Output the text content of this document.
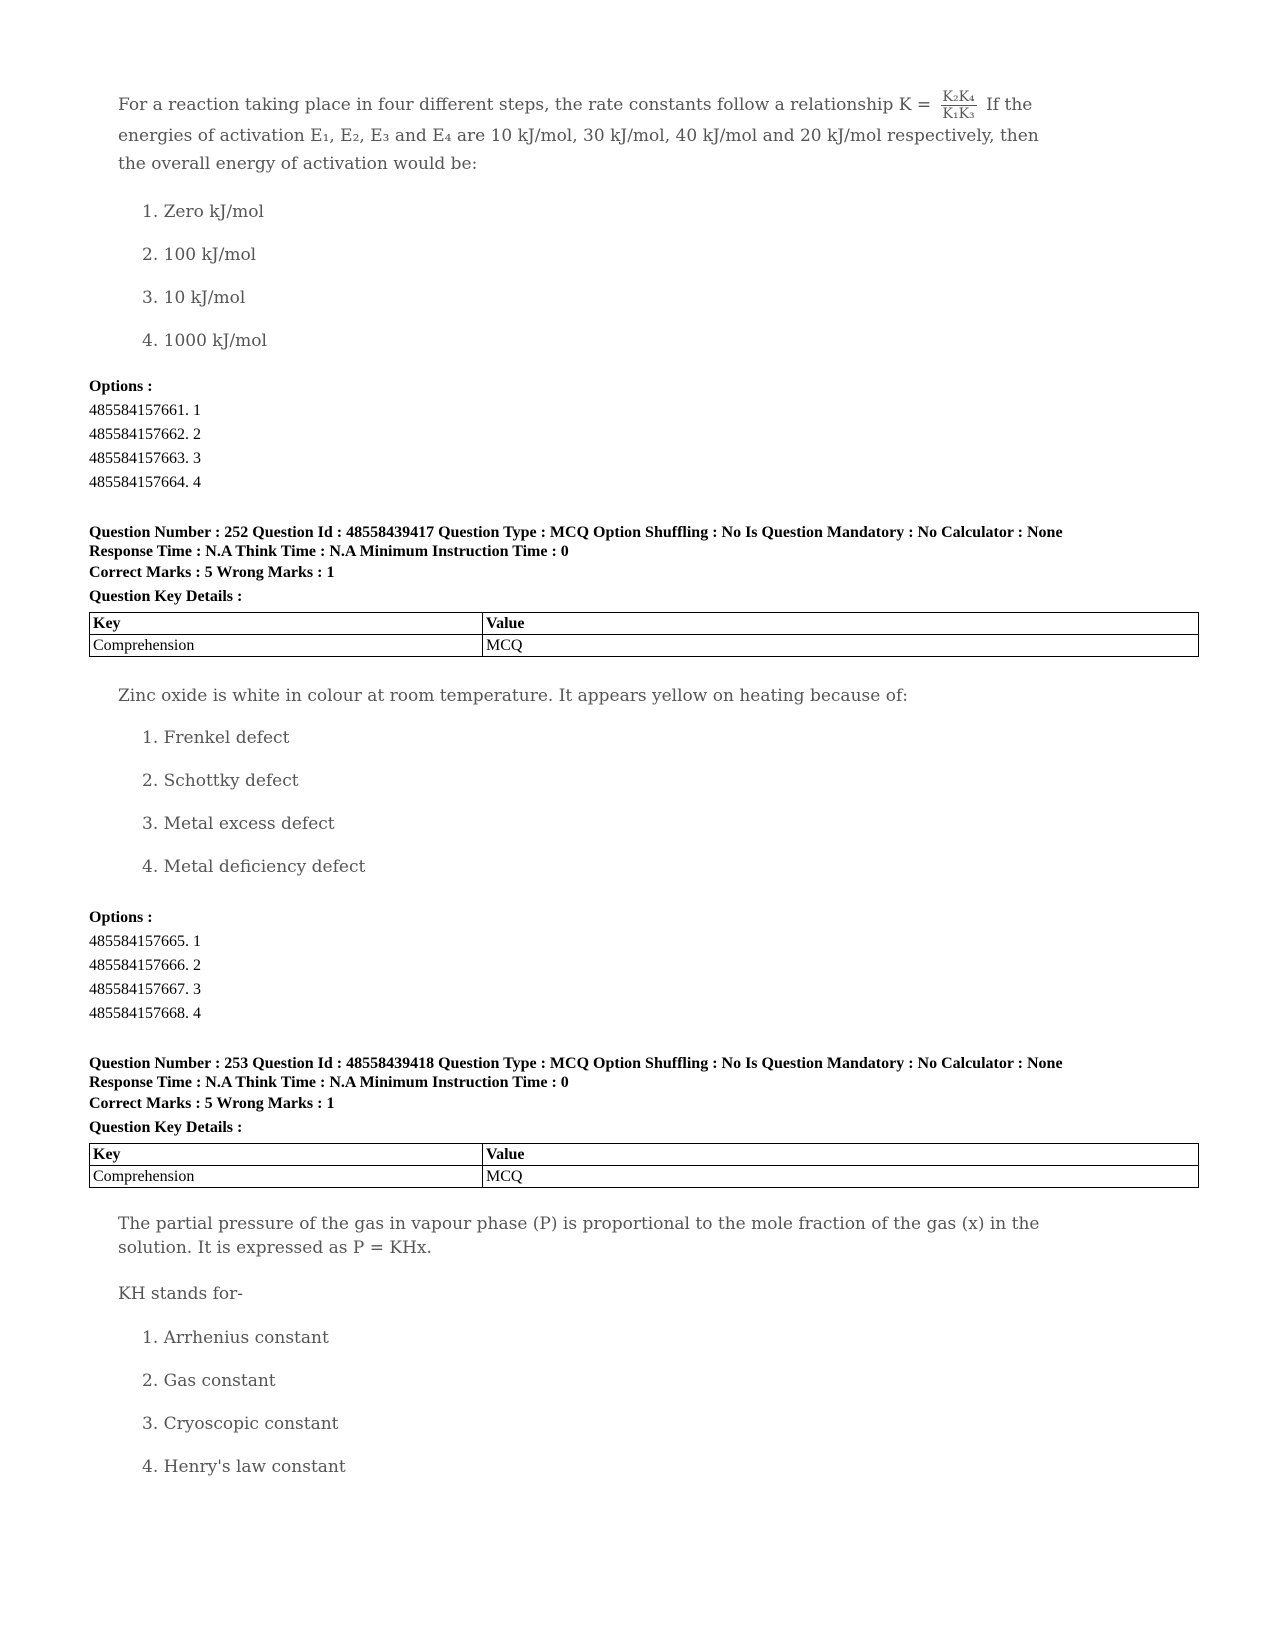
For a reaction taking place in four different steps, the rate constants follow a relationship $K = \frac{\text{K₂K₄}}{\text{K₁K₃}}$ If the

energies of activation E₁, E₂, E₃ and E₄ are 10 kJ/mol, 30 kJ/mol, 40 kJ/mol and 20 kJ/mol respectively, then

the overall energy of activation would be:

1. Zero kJ/mol

2. 100 kJ/mol

3. 10 kJ/mol

4. 1000 kJ/mol

Options :
485584157661. 1
485584157662. 2
485584157663. 3
485584157664. 4
Question Number : 252 Question Id : 48558439417 Question Type : MCQ Option Shuffling : No Is Question Mandatory : No Calculator : None
Response Time : N.A Think Time : N.A Minimum Instruction Time : 0
Correct Marks : 5 Wrong Marks : 1
Question Key Details :
Key	Value
Comprehension	MCQ

Zinc oxide is white in colour at room temperature. It appears yellow on heating because of:

1. Frenkel defect

2. Schottky defect

3. Metal excess defect

4. Metal deficiency defect

Options :
485584157665. 1
485584157666. 2
485584157667. 3
485584157668. 4
Question Number : 253 Question Id : 48558439418 Question Type : MCQ Option Shuffling : No Is Question Mandatory : No Calculator : None
Response Time : N.A Think Time : N.A Minimum Instruction Time : 0
Correct Marks : 5 Wrong Marks : 1
Question Key Details :
Key	Value
Comprehension	MCQ

The partial pressure of the gas in vapour phase (P) is proportional to the mole fraction of the gas (x) in the

solution. It is expressed as P = KHx.

KH stands for-

1. Arrhenius constant

2. Gas constant

3. Cryoscopic constant

4. Henry's law constant
